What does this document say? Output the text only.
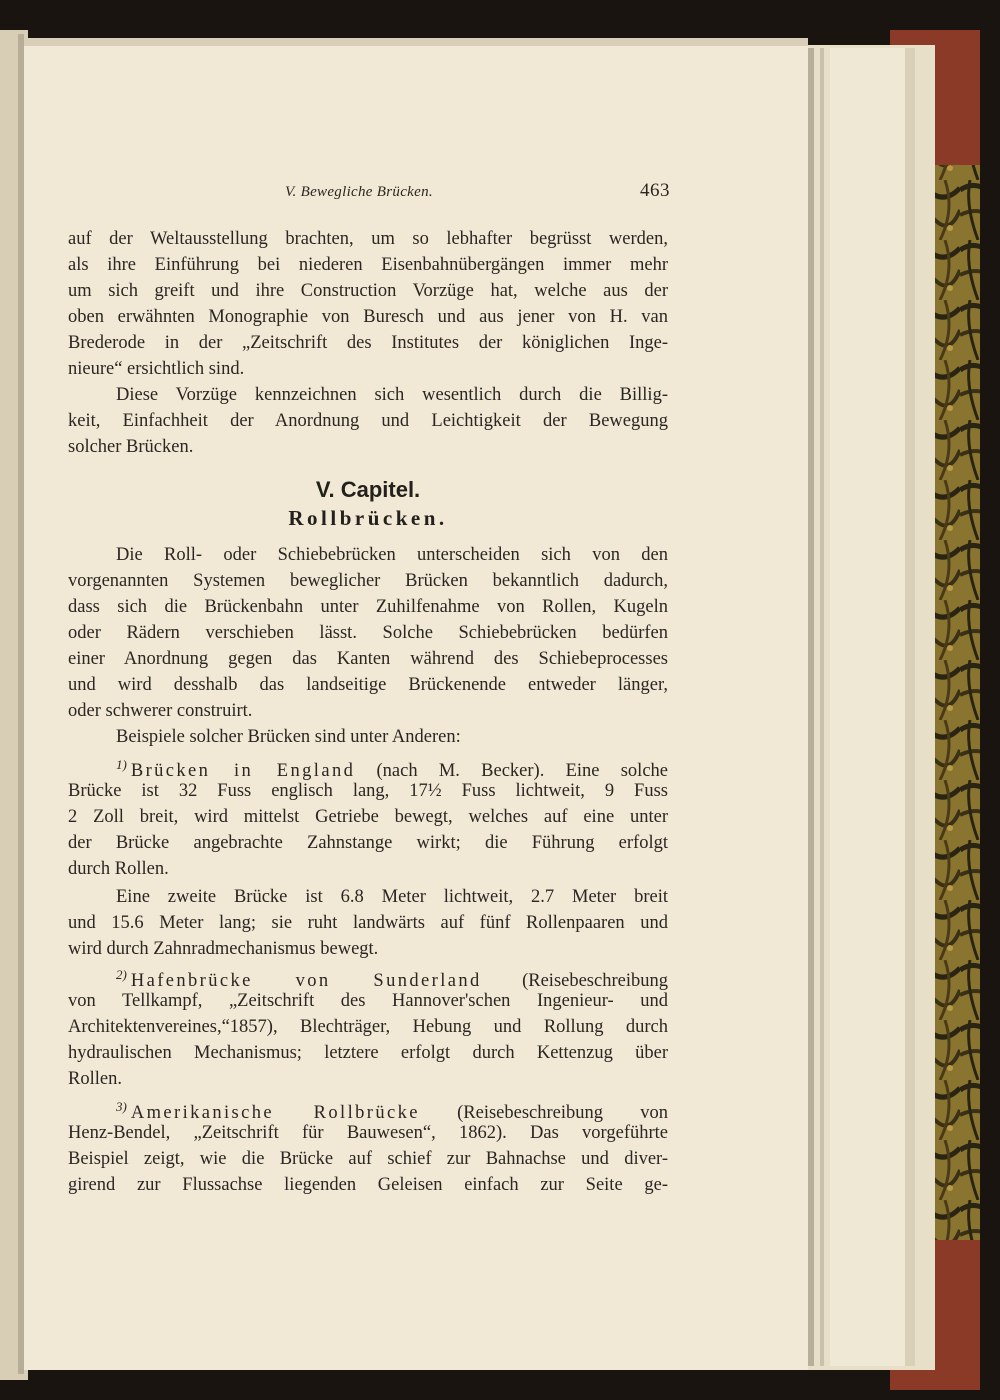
V. Bewegliche Brücken.	463
auf der Weltausstellung brachten, um so lebhafter begrüsst werden,
als ihre Einführung bei niederen Eisenbahnübergängen immer mehr
um sich greift und ihre Construction Vorzüge hat, welche aus der
oben erwähnten Monographie von Buresch und aus jener von H. van
Brederode in der „Zeitschrift des Institutes der königlichen Inge-
nieure“ ersichtlich sind.
Diese Vorzüge kennzeichnen sich wesentlich durch die Billig-
keit, Einfachheit der Anordnung und Leichtigkeit der Bewegung
solcher Brücken.
V. Capitel.
Rollbrücken.
Die Roll- oder Schiebebrücken unterscheiden sich von den
vorgenannten Systemen beweglicher Brücken bekanntlich dadurch,
dass sich die Brückenbahn unter Zuhilfenahme von Rollen, Kugeln
oder Rädern verschieben lässt. Solche Schiebebrücken bedürfen
einer Anordnung gegen das Kanten während des Schiebeprocesses
und wird desshalb das landseitige Brückenende entweder länger,
oder schwerer construirt.
Beispiele solcher Brücken sind unter Anderen:
$^{1)}$ Brücken in England (nach M. Becker). Eine solche
Brücke ist 32 Fuss englisch lang, 17½ Fuss lichtweit, 9 Fuss
2 Zoll breit, wird mittelst Getriebe bewegt, welches auf eine unter
der Brücke angebrachte Zahnstange wirkt; die Führung erfolgt
durch Rollen.
Eine zweite Brücke ist 6.8 Meter lichtweit, 2.7 Meter breit
und 15.6 Meter lang; sie ruht landwärts auf fünf Rollenpaaren und
wird durch Zahnradmechanismus bewegt.
$^{2)}$ Hafenbrücke von Sunderland (Reisebeschreibung
von Tellkampf, „Zeitschrift des Hannover'schen Ingenieur- und
Architektenvereines,“1857), Blechträger, Hebung und Rollung durch
hydraulischen Mechanismus; letztere erfolgt durch Kettenzug über
Rollen.
$^{3)}$ Amerikanische Rollbrücke (Reisebeschreibung von
Henz-Bendel, „Zeitschrift für Bauwesen“, 1862). Das vorgeführte
Beispiel zeigt, wie die Brücke auf schief zur Bahnachse und diver-
girend zur Flussachse liegenden Geleisen einfach zur Seite ge-
